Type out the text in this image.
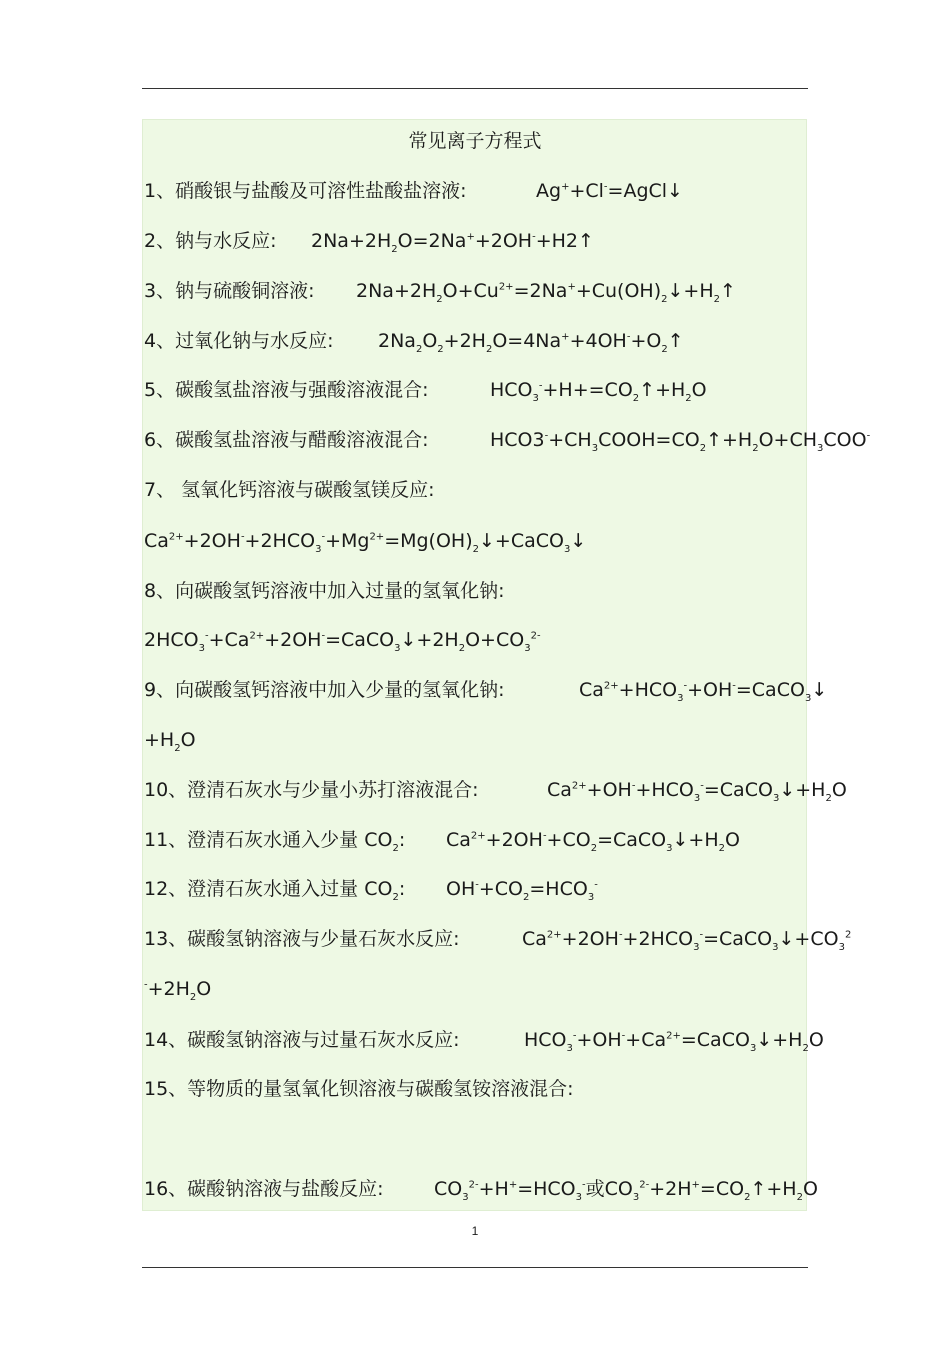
常见离子方程式
1、硝酸银与盐酸及可溶性盐酸盐溶液:	Ag++Cl-=AgCl↓
2、钠与水反应: $2Na+2H_2O=2Na^++2OH^-+H2↑$
3、钠与硫酸铜溶液: $2Na+2H_2O+Cu^{2+}=2Na^++Cu(OH)_2↓+H_2↑$
4、过氧化钠与水反应: $2Na_2O_2+2H_2O=4Na^++4OH^-+O_2↑$
5、碳酸氢盐溶液与强酸溶液混合:	$HCO_3^-+H+=CO_2↑+H_2O$
6、碳酸氢盐溶液与醋酸溶液混合:	$HCO3^-+CH_3COOH=CO_2↑+H_2O+CH_3COO^-$
7、 氢氧化钙溶液与碳酸氢镁反应:
$Ca^{2+}+2OH^-+2HCO_3^-+Mg^{2+}=Mg(OH)_2↓+CaCO_3↓$
8、向碳酸氢钙溶液中加入过量的氢氧化钠:
$2HCO_3^-+Ca^{2+}+2OH^-=CaCO_3↓+2H_2O+CO_3^{2-}$
9、向碳酸氢钙溶液中加入少量的氢氧化钠:	$Ca^{2+}+HCO_3^-+OH^-=CaCO_3↓$
$+H_2O$
10、澄清石灰水与少量小苏打溶液混合:	$Ca^{2+}+OH^-+HCO_3^-=CaCO_3↓+H_2O$
11、澄清石灰水通入少量 $CO_2$: $Ca^{2+}+2OH^-+CO_2=CaCO_3↓+H_2O$
12、澄清石灰水通入过量 $CO_2$: $OH^-+CO_2=HCO_3^-$
13、碳酸氢钠溶液与少量石灰水反应:	$Ca^{2+}+2OH^-+2HCO_3^-=CaCO_3↓+CO_3^2$
$^-+2H_2O$
14、碳酸氢钠溶液与过量石灰水反应:	$HCO_3^-+OH^-+Ca^{2+}=CaCO_3↓+H_2O$
15、等物质的量氢氧化钡溶液与碳酸氢铵溶液混合:
16、碳酸钠溶液与盐酸反应:	$CO_3^{2-}+H^+=HCO_3^-$或$CO_3^{2-}+2H^+=CO_2↑+H_2O$
1
